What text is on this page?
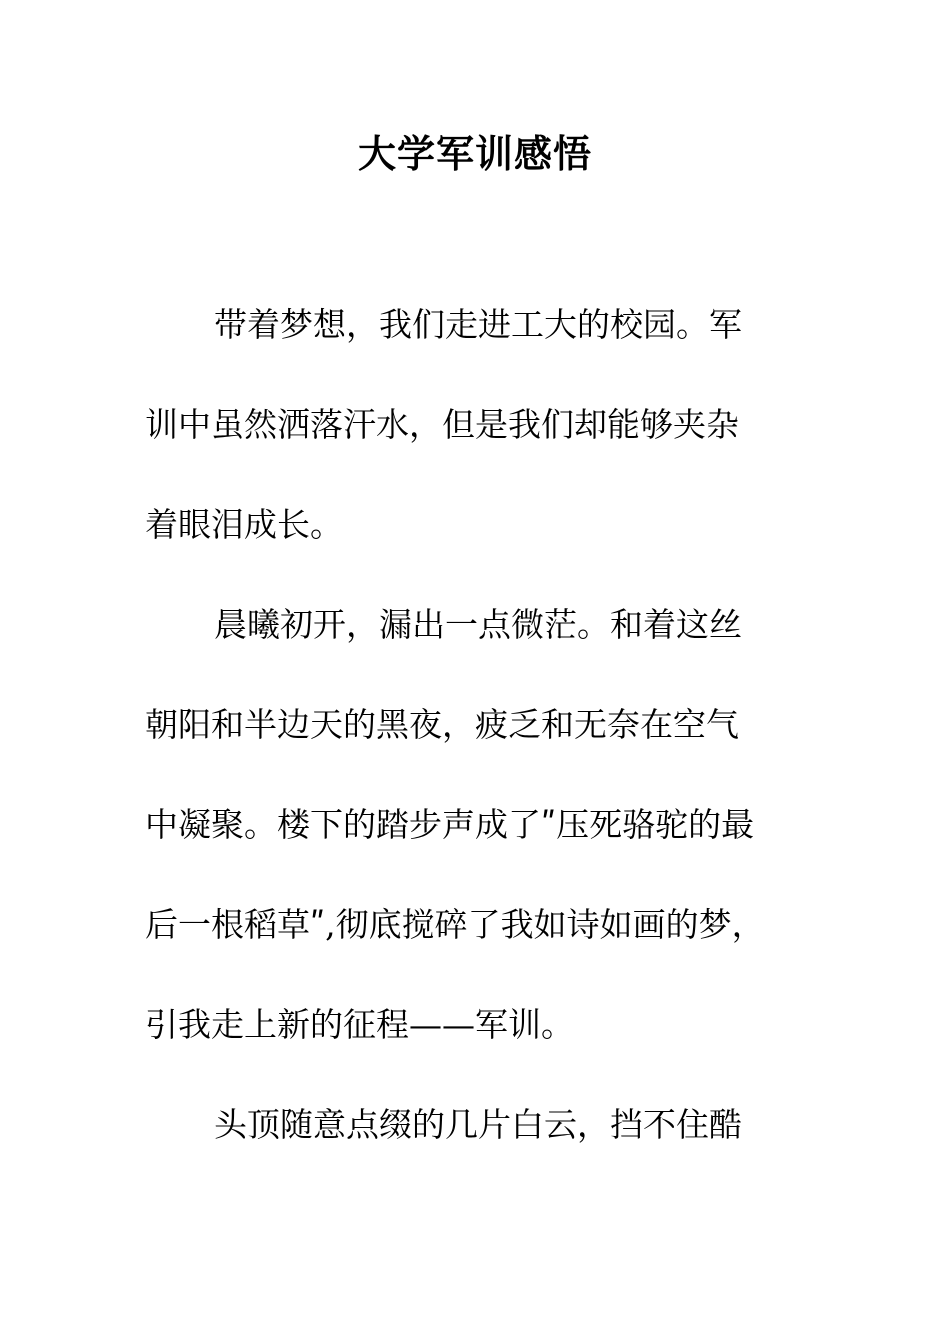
大学军训感悟

带着梦想，我们走进工大的校园。军

训中虽然洒落汗水，但是我们却能够夹杂

着眼泪成长。

晨曦初开，漏出一点微茫。和着这丝

朝阳和半边天的黑夜，疲乏和无奈在空气

中凝聚。楼下的踏步声成了ʺ压死骆驼的最

后一根稻草ʺ,彻底搅碎了我如诗如画的梦，

引我走上新的征程——军训。

头顶随意点缀的几片白云，挡不住酷
